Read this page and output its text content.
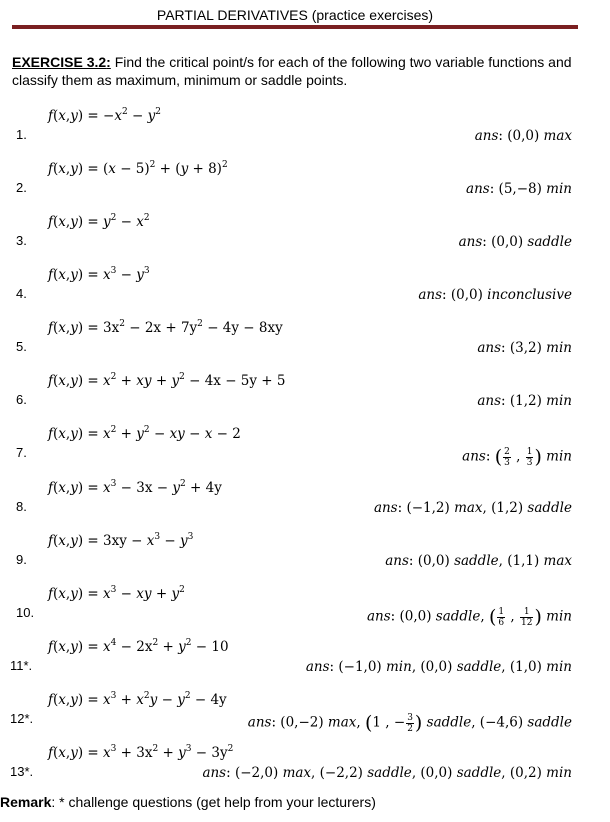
PARTIAL DERIVATIVES (practice exercises)
EXERCISE 3.2: Find the critical point/s for each of the following two variable functions and classify them as maximum, minimum or saddle points.
1.
$f(x,y) = -x^2 - y^2$
ans: (0,0) max
2.
$f(x,y) = (x - 5)^2 + (y + 8)^2$
ans: (5,−8) min
3.
$f(x,y) = y^2 - x^2$
ans: (0,0) saddle
4.
$f(x,y) = x^3 - y^3$
ans: (0,0) inconclusive
5.
$f(x,y) = 3x^2 - 2x + 7y^2 - 4y - 8xy$
ans: (3,2) min
6.
$f(x,y) = x^2$ + xy + $y^2 - 4x - 5y + 5$
ans: (1,2) min
7.
$f(x,y) = x^2 + y^2$ − xy − x − 2
ans: ( $\frac{2}{3}$ , $\frac{1}{3}$ ) min
8.
$f(x,y) = x^3 - 3x - y^2 + 4y$
ans: (−1,2) max, (1,2) saddle
9.
$f(x,y) = 3xy - x^3 - y^3$
ans: (0,0) saddle, (1,1) max
10.
$f(x,y) = x^3$ − xy + $y^2$
ans: (0,0) saddle, ( $\frac{1}{6}$ , $\frac{1}{12}$ ) min
11*.
$f(x,y) = x^4 - 2x^2 + y^2 - 10$
ans: (−1,0) min, (0,0) saddle, (1,0) min
12*.
$f(x,y) = x^3 + x^2y - y^2 - 4y$
ans: (0,−2) max, (1 , − $\frac{3}{2}$ ) saddle, (−4,6) saddle
13*.
$f(x,y) = x^3 + 3x^2 + y^3 - 3y^2$
ans: (−2,0) max, (−2,2) saddle, (0,0) saddle, (0,2) min
Remark: * challenge questions (get help from your lecturers)
